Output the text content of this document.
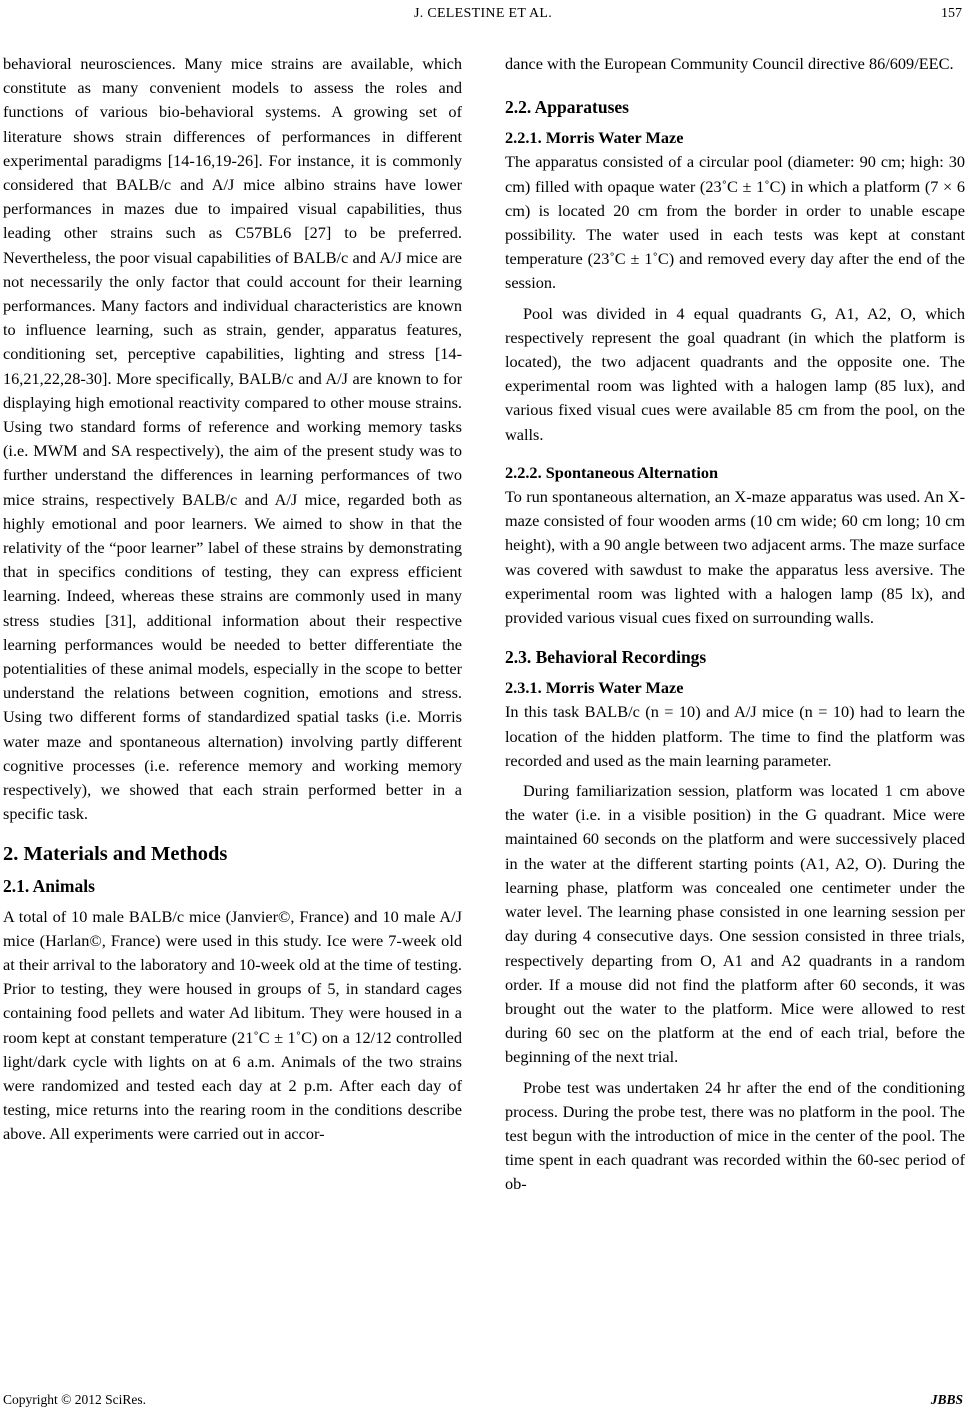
J. CELESTINE ET AL.	157

behavioral neurosciences. Many mice strains are available, which constitute as many convenient models to assess the roles and functions of various bio-behavioral systems. A growing set of literature shows strain differences of performances in different experimental paradigms [14-16,19-26]. For instance, it is commonly considered that BALB/c and A/J mice albino strains have lower performances in mazes due to impaired visual capabilities, thus leading other strains such as C57BL6 [27] to be preferred. Nevertheless, the poor visual capabilities of BALB/c and A/J mice are not necessarily the only factor that could account for their learning performances. Many factors and individual characteristics are known to influence learning, such as strain, gender, apparatus features, conditioning set, perceptive capabilities, lighting and stress [14-16,21,22,28-30]. More specifically, BALB/c and A/J are known to for displaying high emotional reactivity compared to other mouse strains. Using two standard forms of reference and working memory tasks (i.e. MWM and SA respectively), the aim of the present study was to further understand the differences in learning performances of two mice strains, respectively BALB/c and A/J mice, regarded both as highly emotional and poor learners. We aimed to show in that the relativity of the “poor learner” label of these strains by demonstrating that in specifics conditions of testing, they can express efficient learning. Indeed, whereas these strains are commonly used in many stress studies [31], additional information about their respective learning performances would be needed to better differentiate the potentialities of these animal models, especially in the scope to better understand the relations between cognition, emotions and stress. Using two different forms of standardized spatial tasks (i.e. Morris water maze and spontaneous alternation) involving partly different cognitive processes (i.e. reference memory and working memory respectively), we showed that each strain performed better in a specific task.

2. Materials and Methods
2.1. Animals

A total of 10 male BALB/c mice (Janvier©, France) and 10 male A/J mice (Harlan©, France) were used in this study. Ice were 7-week old at their arrival to the laboratory and 10-week old at the time of testing. Prior to testing, they were housed in groups of 5, in standard cages containing food pellets and water Ad libitum. They were housed in a room kept at constant temperature (21˚C ± 1˚C) on a 12/12 controlled light/dark cycle with lights on at 6 a.m. Animals of the two strains were randomized and tested each day at 2 p.m. After each day of testing, mice returns into the rearing room in the conditions describe above. All experiments were carried out in accor-

dance with the European Community Council directive 86/609/EEC.

2.2. Apparatuses
2.2.1. Morris Water Maze

The apparatus consisted of a circular pool (diameter: 90 cm; high: 30 cm) filled with opaque water (23˚C ± 1˚C) in which a platform (7 × 6 cm) is located 20 cm from the border in order to unable escape possibility. The water used in each tests was kept at constant temperature (23˚C ± 1˚C) and removed every day after the end of the session.

Pool was divided in 4 equal quadrants G, A1, A2, O, which respectively represent the goal quadrant (in which the platform is located), the two adjacent quadrants and the opposite one. The experimental room was lighted with a halogen lamp (85 lux), and various fixed visual cues were available 85 cm from the pool, on the walls.

2.2.2. Spontaneous Alternation

To run spontaneous alternation, an X-maze apparatus was used. An X-maze consisted of four wooden arms (10 cm wide; 60 cm long; 10 cm height), with a 90 angle between two adjacent arms. The maze surface was covered with sawdust to make the apparatus less aversive. The experimental room was lighted with a halogen lamp (85 lx), and provided various visual cues fixed on surrounding walls.

2.3. Behavioral Recordings
2.3.1. Morris Water Maze

In this task BALB/c (n = 10) and A/J mice (n = 10) had to learn the location of the hidden platform. The time to find the platform was recorded and used as the main learning parameter.

During familiarization session, platform was located 1 cm above the water (i.e. in a visible position) in the G quadrant. Mice were maintained 60 seconds on the platform and were successively placed in the water at the different starting points (A1, A2, O). During the learning phase, platform was concealed one centimeter under the water level. The learning phase consisted in one learning session per day during 4 consecutive days. One session consisted in three trials, respectively departing from O, A1 and A2 quadrants in a random order. If a mouse did not find the platform after 60 seconds, it was brought out the water to the platform. Mice were allowed to rest during 60 sec on the platform at the end of each trial, before the beginning of the next trial.

Probe test was undertaken 24 hr after the end of the conditioning process. During the probe test, there was no platform in the pool. The test begun with the introduction of mice in the center of the pool. The time spent in each quadrant was recorded within the 60-sec period of ob-

Copyright © 2012 SciRes.	JBBS
